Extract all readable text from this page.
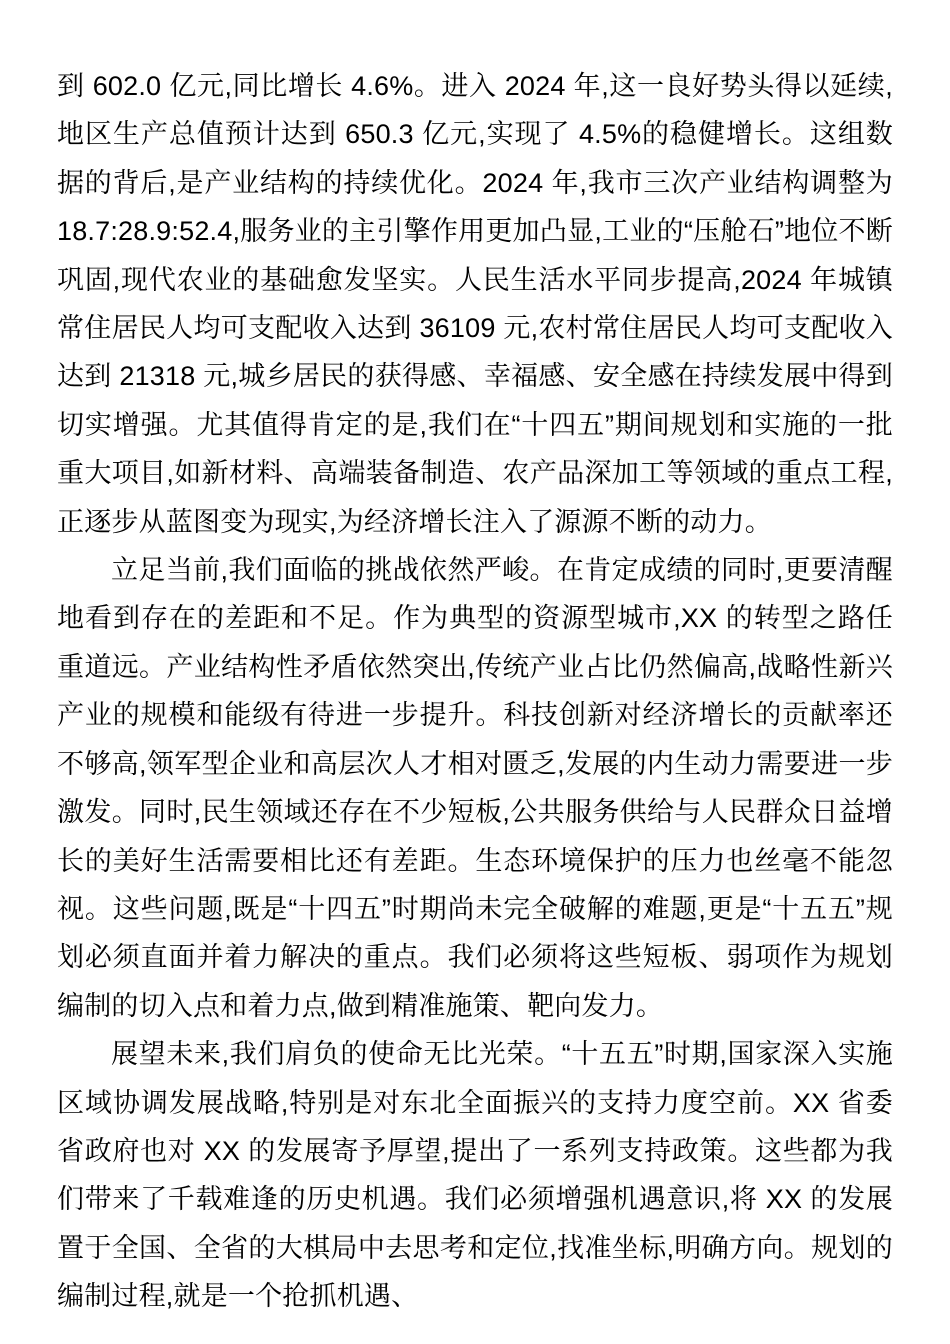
到 602.0 亿元,同比增长 4.6%。进入 2024 年,这一良好势头得以延续,地区生产总值预计达到 650.3 亿元,实现了 4.5%的稳健增长。这组数据的背后,是产业结构的持续优化。2024 年,我市三次产业结构调整为 18.7:28.9:52.4,服务业的主引擎作用更加凸显,工业的“压舱石”地位不断巩固,现代农业的基础愈发坚实。人民生活水平同步提高,2024 年城镇常住居民人均可支配收入达到 36109 元,农村常住居民人均可支配收入达到 21318 元,城乡居民的获得感、幸福感、安全感在持续发展中得到切实增强。尤其值得肯定的是,我们在“十四五”期间规划和实施的一批重大项目,如新材料、高端装备制造、农产品深加工等领域的重点工程,正逐步从蓝图变为现实,为经济增长注入了源源不断的动力。

立足当前,我们面临的挑战依然严峻。在肯定成绩的同时,更要清醒地看到存在的差距和不足。作为典型的资源型城市,XX 的转型之路任重道远。产业结构性矛盾依然突出,传统产业占比仍然偏高,战略性新兴产业的规模和能级有待进一步提升。科技创新对经济增长的贡献率还不够高,领军型企业和高层次人才相对匮乏,发展的内生动力需要进一步激发。同时,民生领域还存在不少短板,公共服务供给与人民群众日益增长的美好生活需要相比还有差距。生态环境保护的压力也丝毫不能忽视。这些问题,既是“十四五”时期尚未完全破解的难题,更是“十五五”规划必须直面并着力解决的重点。我们必须将这些短板、弱项作为规划编制的切入点和着力点,做到精准施策、靶向发力。

展望未来,我们肩负的使命无比光荣。“十五五”时期,国家深入实施区域协调发展战略,特别是对东北全面振兴的支持力度空前。XX 省委省政府也对 XX 的发展寄予厚望,提出了一系列支持政策。这些都为我们带来了千载难逢的历史机遇。我们必须增强机遇意识,将 XX 的发展置于全国、全省的大棋局中去思考和定位,找准坐标,明确方向。规划的编制过程,就是一个抢抓机遇、
